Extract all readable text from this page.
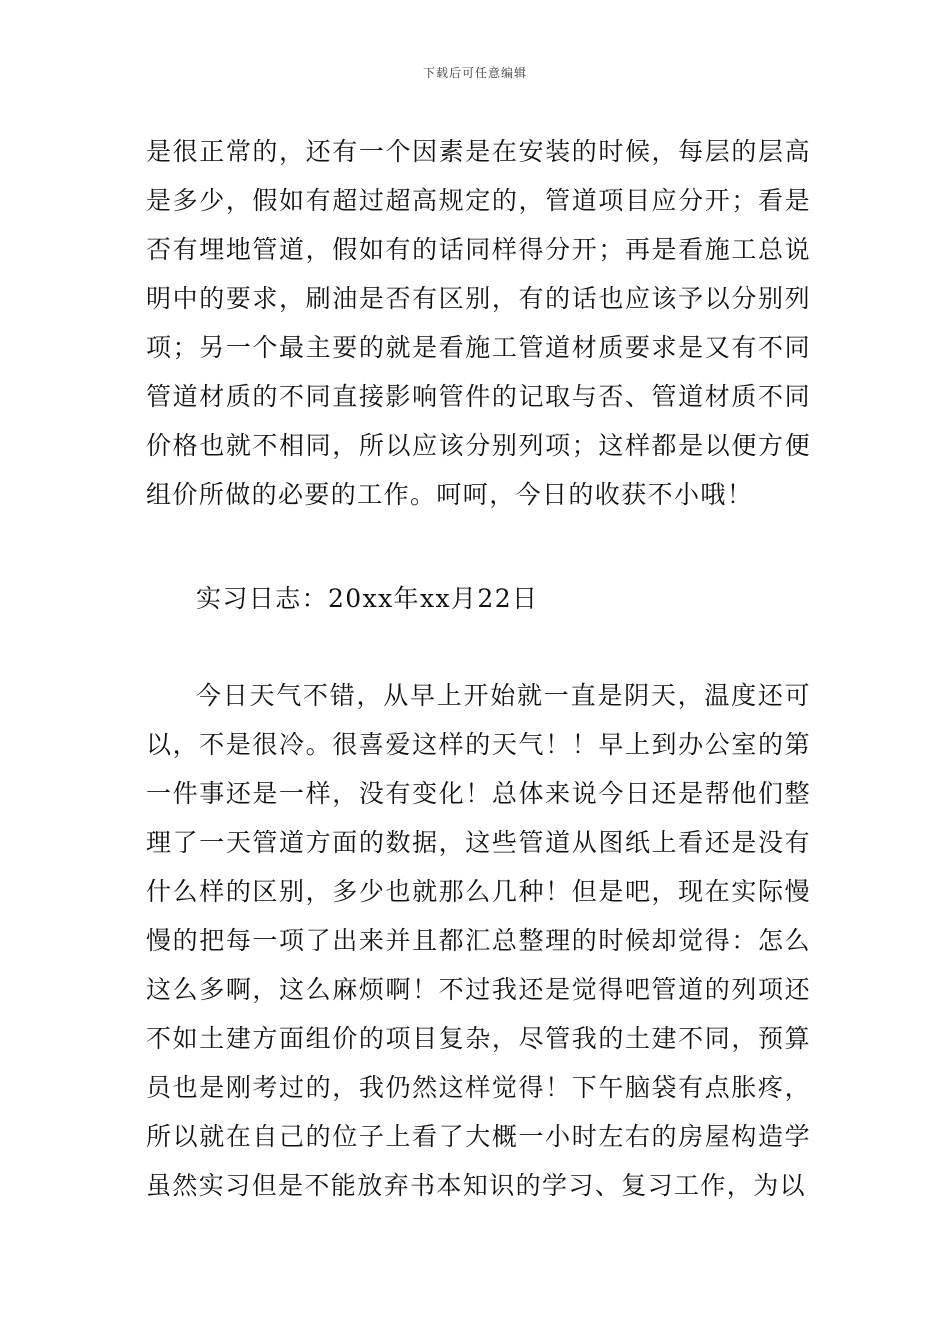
下载后可任意编辑
是很正常的，还有一个因素是在安装的时候，每层的层高是多少，假如有超过超高规定的，管道项目应分开；看是否有埋地管道，假如有的话同样得分开；再是看施工总说明中的要求，刷油是否有区别，有的话也应该予以分别列项；另一个最主要的就是看施工管道材质要求是又有不同管道材质的不同直接影响管件的记取与否、管道材质不同价格也就不相同，所以应该分别列项；这样都是以便方便组价所做的必要的工作。呵呵，今日的收获不小哦！
实习日志：20xx年xx月22日
今日天气不错，从早上开始就一直是阴天，温度还可以，不是很冷。很喜爱这样的天气！！早上到办公室的第一件事还是一样，没有变化！总体来说今日还是帮他们整理了一天管道方面的数据，这些管道从图纸上看还是没有什么样的区别，多少也就那么几种！但是吧，现在实际慢慢的把每一项了出来并且都汇总整理的时候却觉得：怎么这么多啊，这么麻烦啊！不过我还是觉得吧管道的列项还不如土建方面组价的项目复杂，尽管我的土建不同，预算员也是刚考过的，我仍然这样觉得！下午脑袋有点胀疼，所以就在自己的位子上看了大概一小时左右的房屋构造学虽然实习但是不能放弃书本知识的学习、复习工作，为以
